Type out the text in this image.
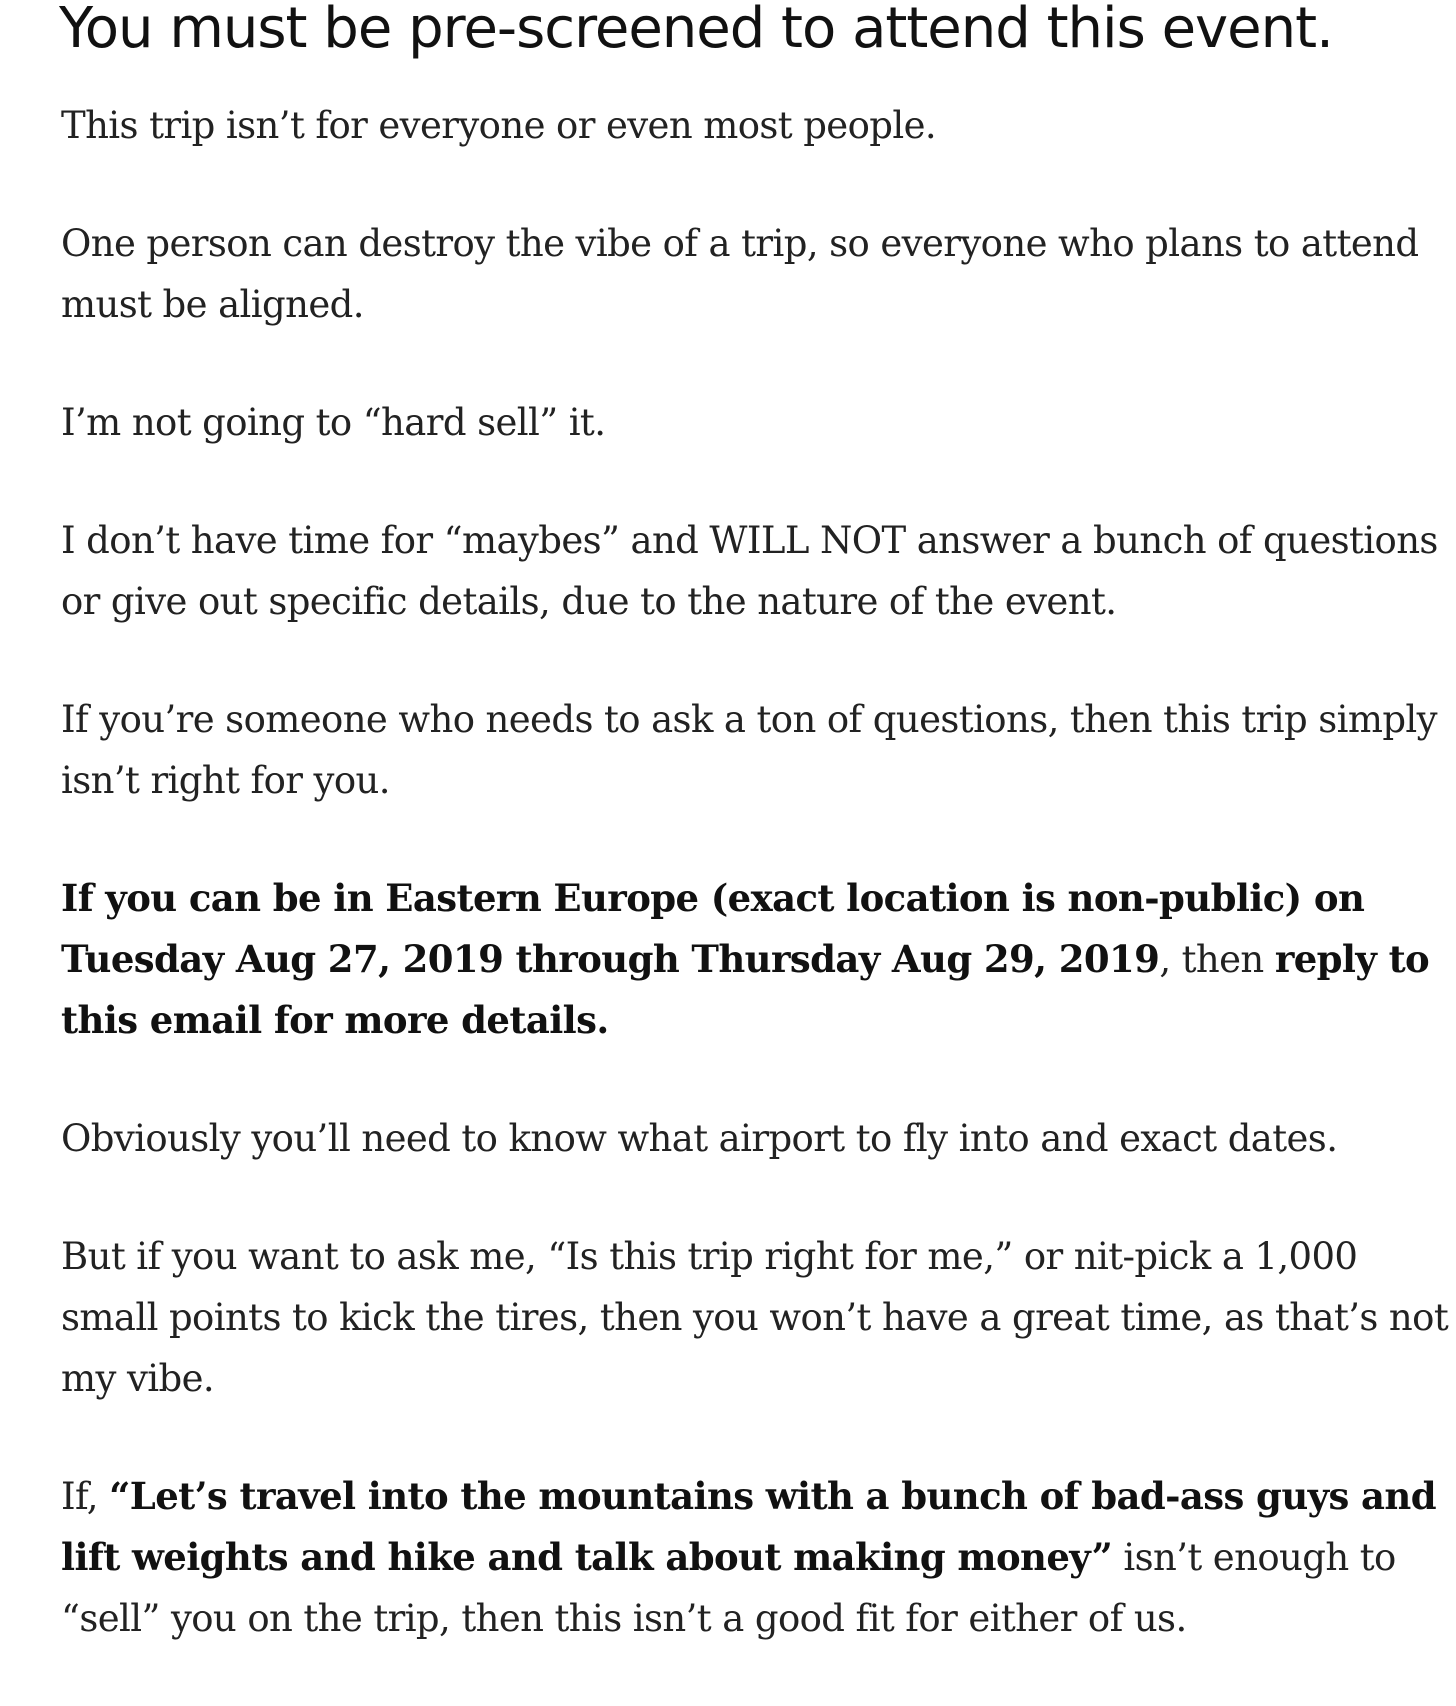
You must be pre-screened to attend this event.

This trip isn’t for everyone or even most people.

One person can destroy the vibe of a trip, so everyone who plans to attend must be aligned.

I’m not going to “hard sell” it.

I don’t have time for “maybes” and WILL NOT answer a bunch of questions or give out specific details, due to the nature of the event.

If you’re someone who needs to ask a ton of questions, then this trip simply isn’t right for you.

If you can be in Eastern Europe (exact location is non-public) on Tuesday Aug 27, 2019 through Thursday Aug 29, 2019, then reply to this email for more details.

Obviously you’ll need to know what airport to fly into and exact dates.

But if you want to ask me, “Is this trip right for me,” or nit-pick a 1,000 small points to kick the tires, then you won’t have a great time, as that’s not my vibe.

If, “Let’s travel into the mountains with a bunch of bad-ass guys and lift weights and hike and talk about making money” isn’t enough to “sell” you on the trip, then this isn’t a good fit for either of us.
